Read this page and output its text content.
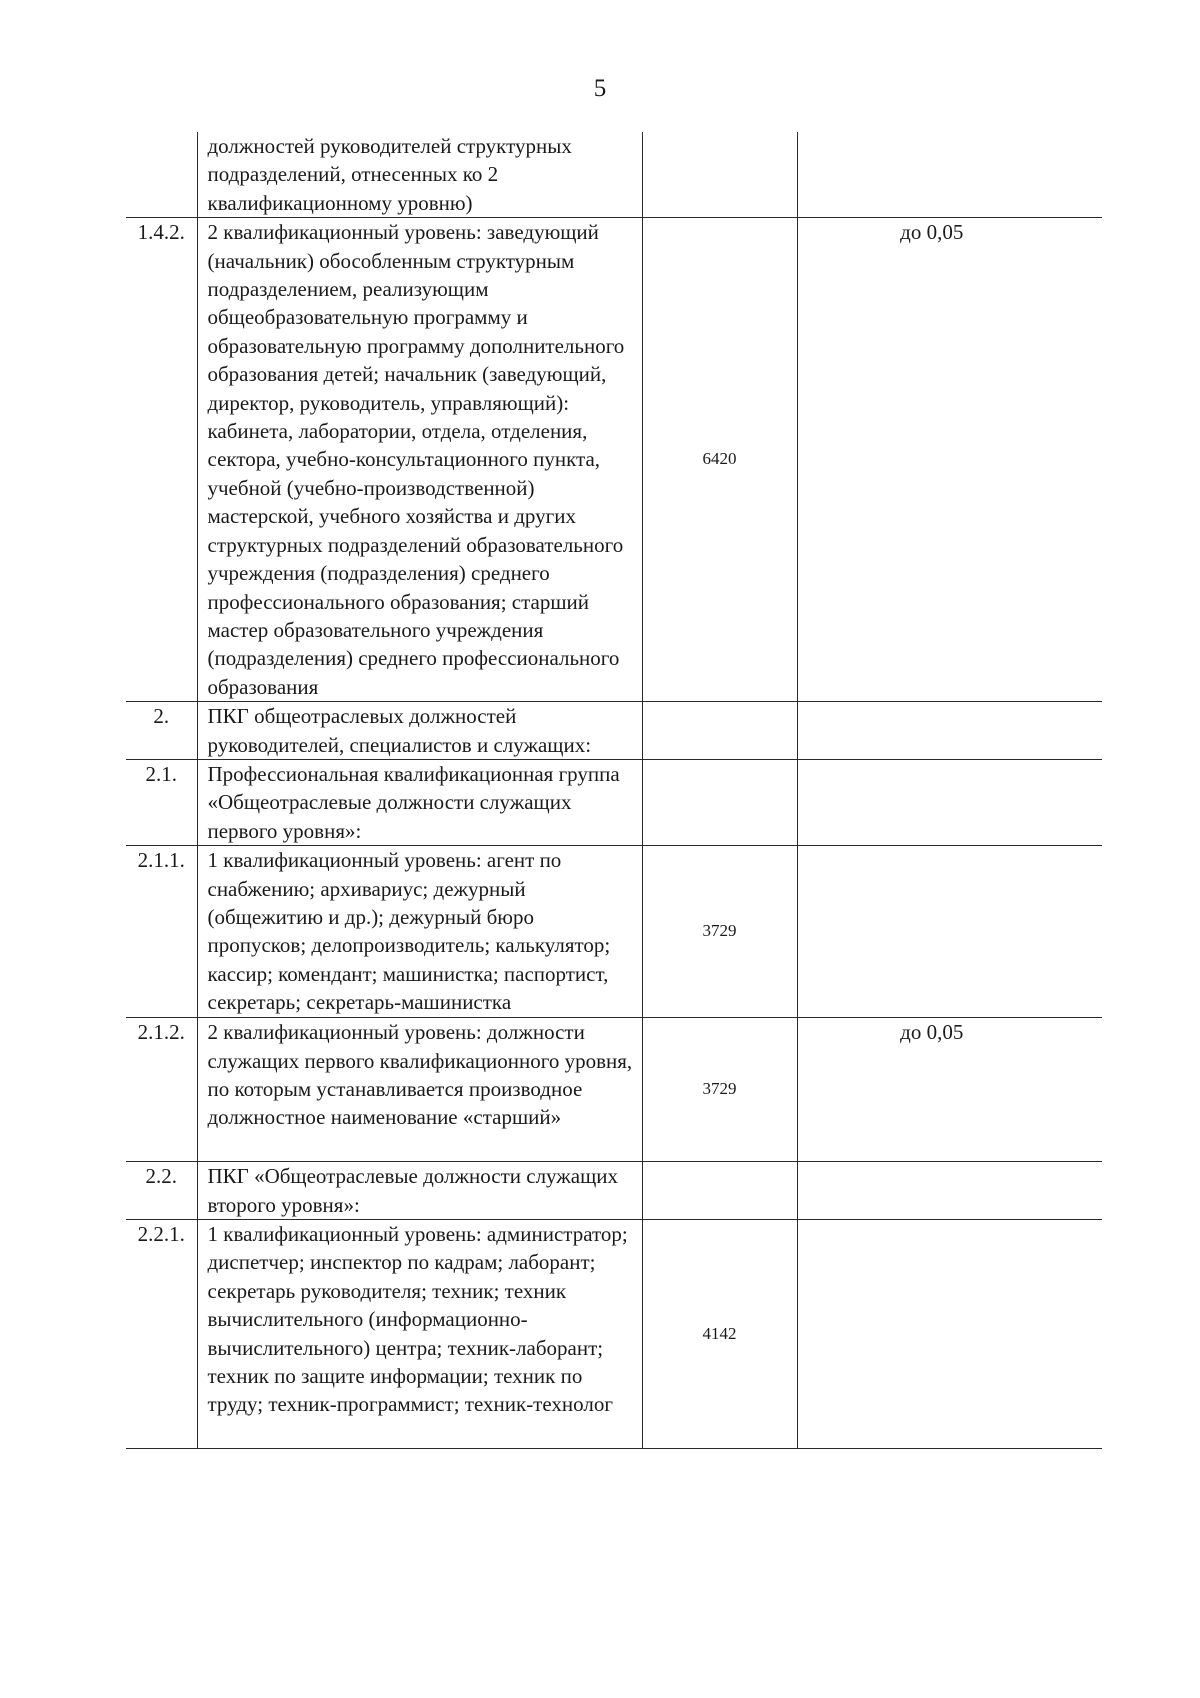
5
	должностей руководителей структурных подразделений, отнесенных ко 2 квалификационному уровню)		
1.4.2.	2 квалификационный уровень: заведующий (начальник) обособленным структурным подразделением, реализующим общеобразовательную программу и образовательную программу дополнительного образования детей; начальник (заведующий, директор, руководитель, управляющий): кабинета, лаборатории, отдела, отделения, сектора, учебно-консультационного пункта, учебной (учебно-производственной) мастерской, учебного хозяйства и других структурных подразделений образовательного учреждения (подразделения) среднего профессионального образования; старший мастер образовательного учреждения (подразделения) среднего профессионального образования	6420	до 0,05
2.	ПКГ общеотраслевых должностей руководителей, специалистов и служащих:		
2.1.	Профессиональная квалификационная группа «Общеотраслевые должности служащих первого уровня»:		
2.1.1.	1 квалификационный уровень: агент по снабжению; архивариус; дежурный (общежитию и др.); дежурный бюро пропусков; делопроизводитель; калькулятор; кассир; комендант; машинистка; паспортист, секретарь; секретарь-машинистка	3729	
2.1.2.	2 квалификационный уровень: должности служащих первого квалификационного уровня, по которым устанавливается производное должностное наименование «старший»	3729	до 0,05
2.2.	ПКГ «Общеотраслевые должности служащих второго уровня»:		
2.2.1.	1 квалификационный уровень: администратор; диспетчер; инспектор по кадрам; лаборант; секретарь руководителя; техник; техник вычислительного (информационно-вычислительного) центра; техник-лаборант; техник по защите информации; техник по труду; техник-программист; техник-технолог	4142	
